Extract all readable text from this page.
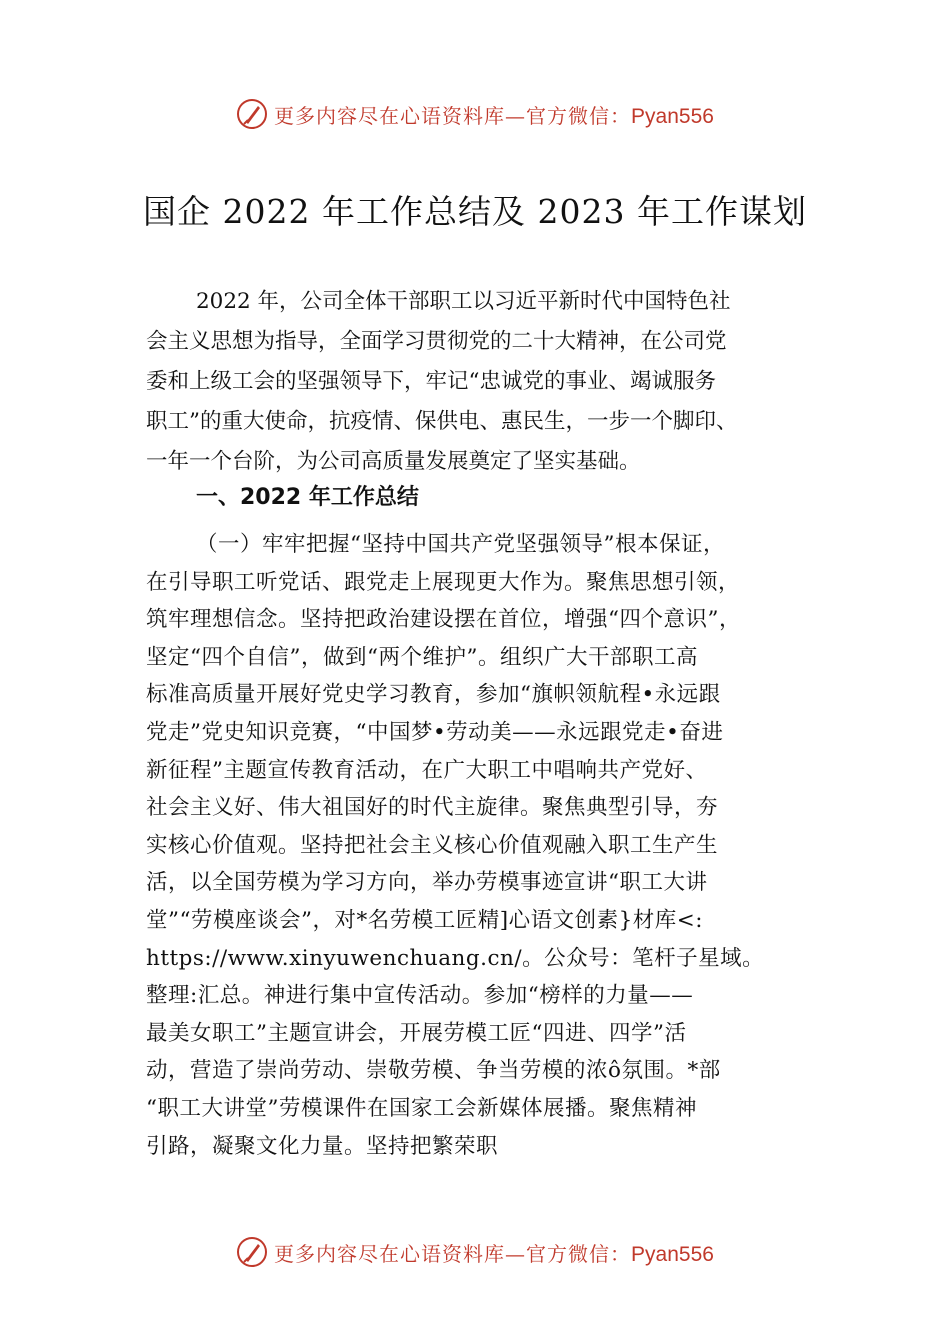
更多内容尽在心语资料库—官方微信：Pyan556
国企 2022 年工作总结及 2023 年工作谋划
2022 年，公司全体干部职工以习近平新时代中国特色社
会主义思想为指导，全面学习贯彻党的二十大精神，在公司党
委和上级工会的坚强领导下，牢记“忠诚党的事业、竭诚服务
职工”的重大使命，抗疫情、保供电、惠民生，一步一个脚印、
一年一个台阶，为公司高质量发展奠定了坚实基础。
一、2022 年工作总结
（一）牢牢把握“坚持中国共产党坚强领导”根本保证，
在引导职工听党话、跟党走上展现更大作为。聚焦思想引领，
筑牢理想信念。坚持把政治建设摆在首位，增强“四个意识”，
坚定“四个自信”，做到“两个维护”。组织广大干部职工高
标准高质量开展好党史学习教育，参加“旗帜领航程•永远跟
党走”党史知识竞赛，“中国梦•劳动美——永远跟党走•奋进
新征程”主题宣传教育活动，在广大职工中唱响共产党好、
社会主义好、伟大祖国好的时代主旋律。聚焦典型引导，夯
实核心价值观。坚持把社会主义核心价值观融入职工生产生
活，以全国劳模为学习方向，举办劳模事迹宣讲“职工大讲
堂”“劳模座谈会”，对*名劳模工匠精]心语文创素}材库<:
https://www.xinyuwenchuang.cn/。公众号：笔杆子星域。
整理:汇总。神进行集中宣传活动。参加“榜样的力量——
最美女职工”主题宣讲会，开展劳模工匠“四进、四学”活
动，营造了崇尚劳动、崇敬劳模、争当劳模的浓ô氛围。*部
“职工大讲堂”劳模课件在国家工会新媒体展播。聚焦精神
引路，凝聚文化力量。坚持把繁荣职
更多内容尽在心语资料库—官方微信：Pyan556
